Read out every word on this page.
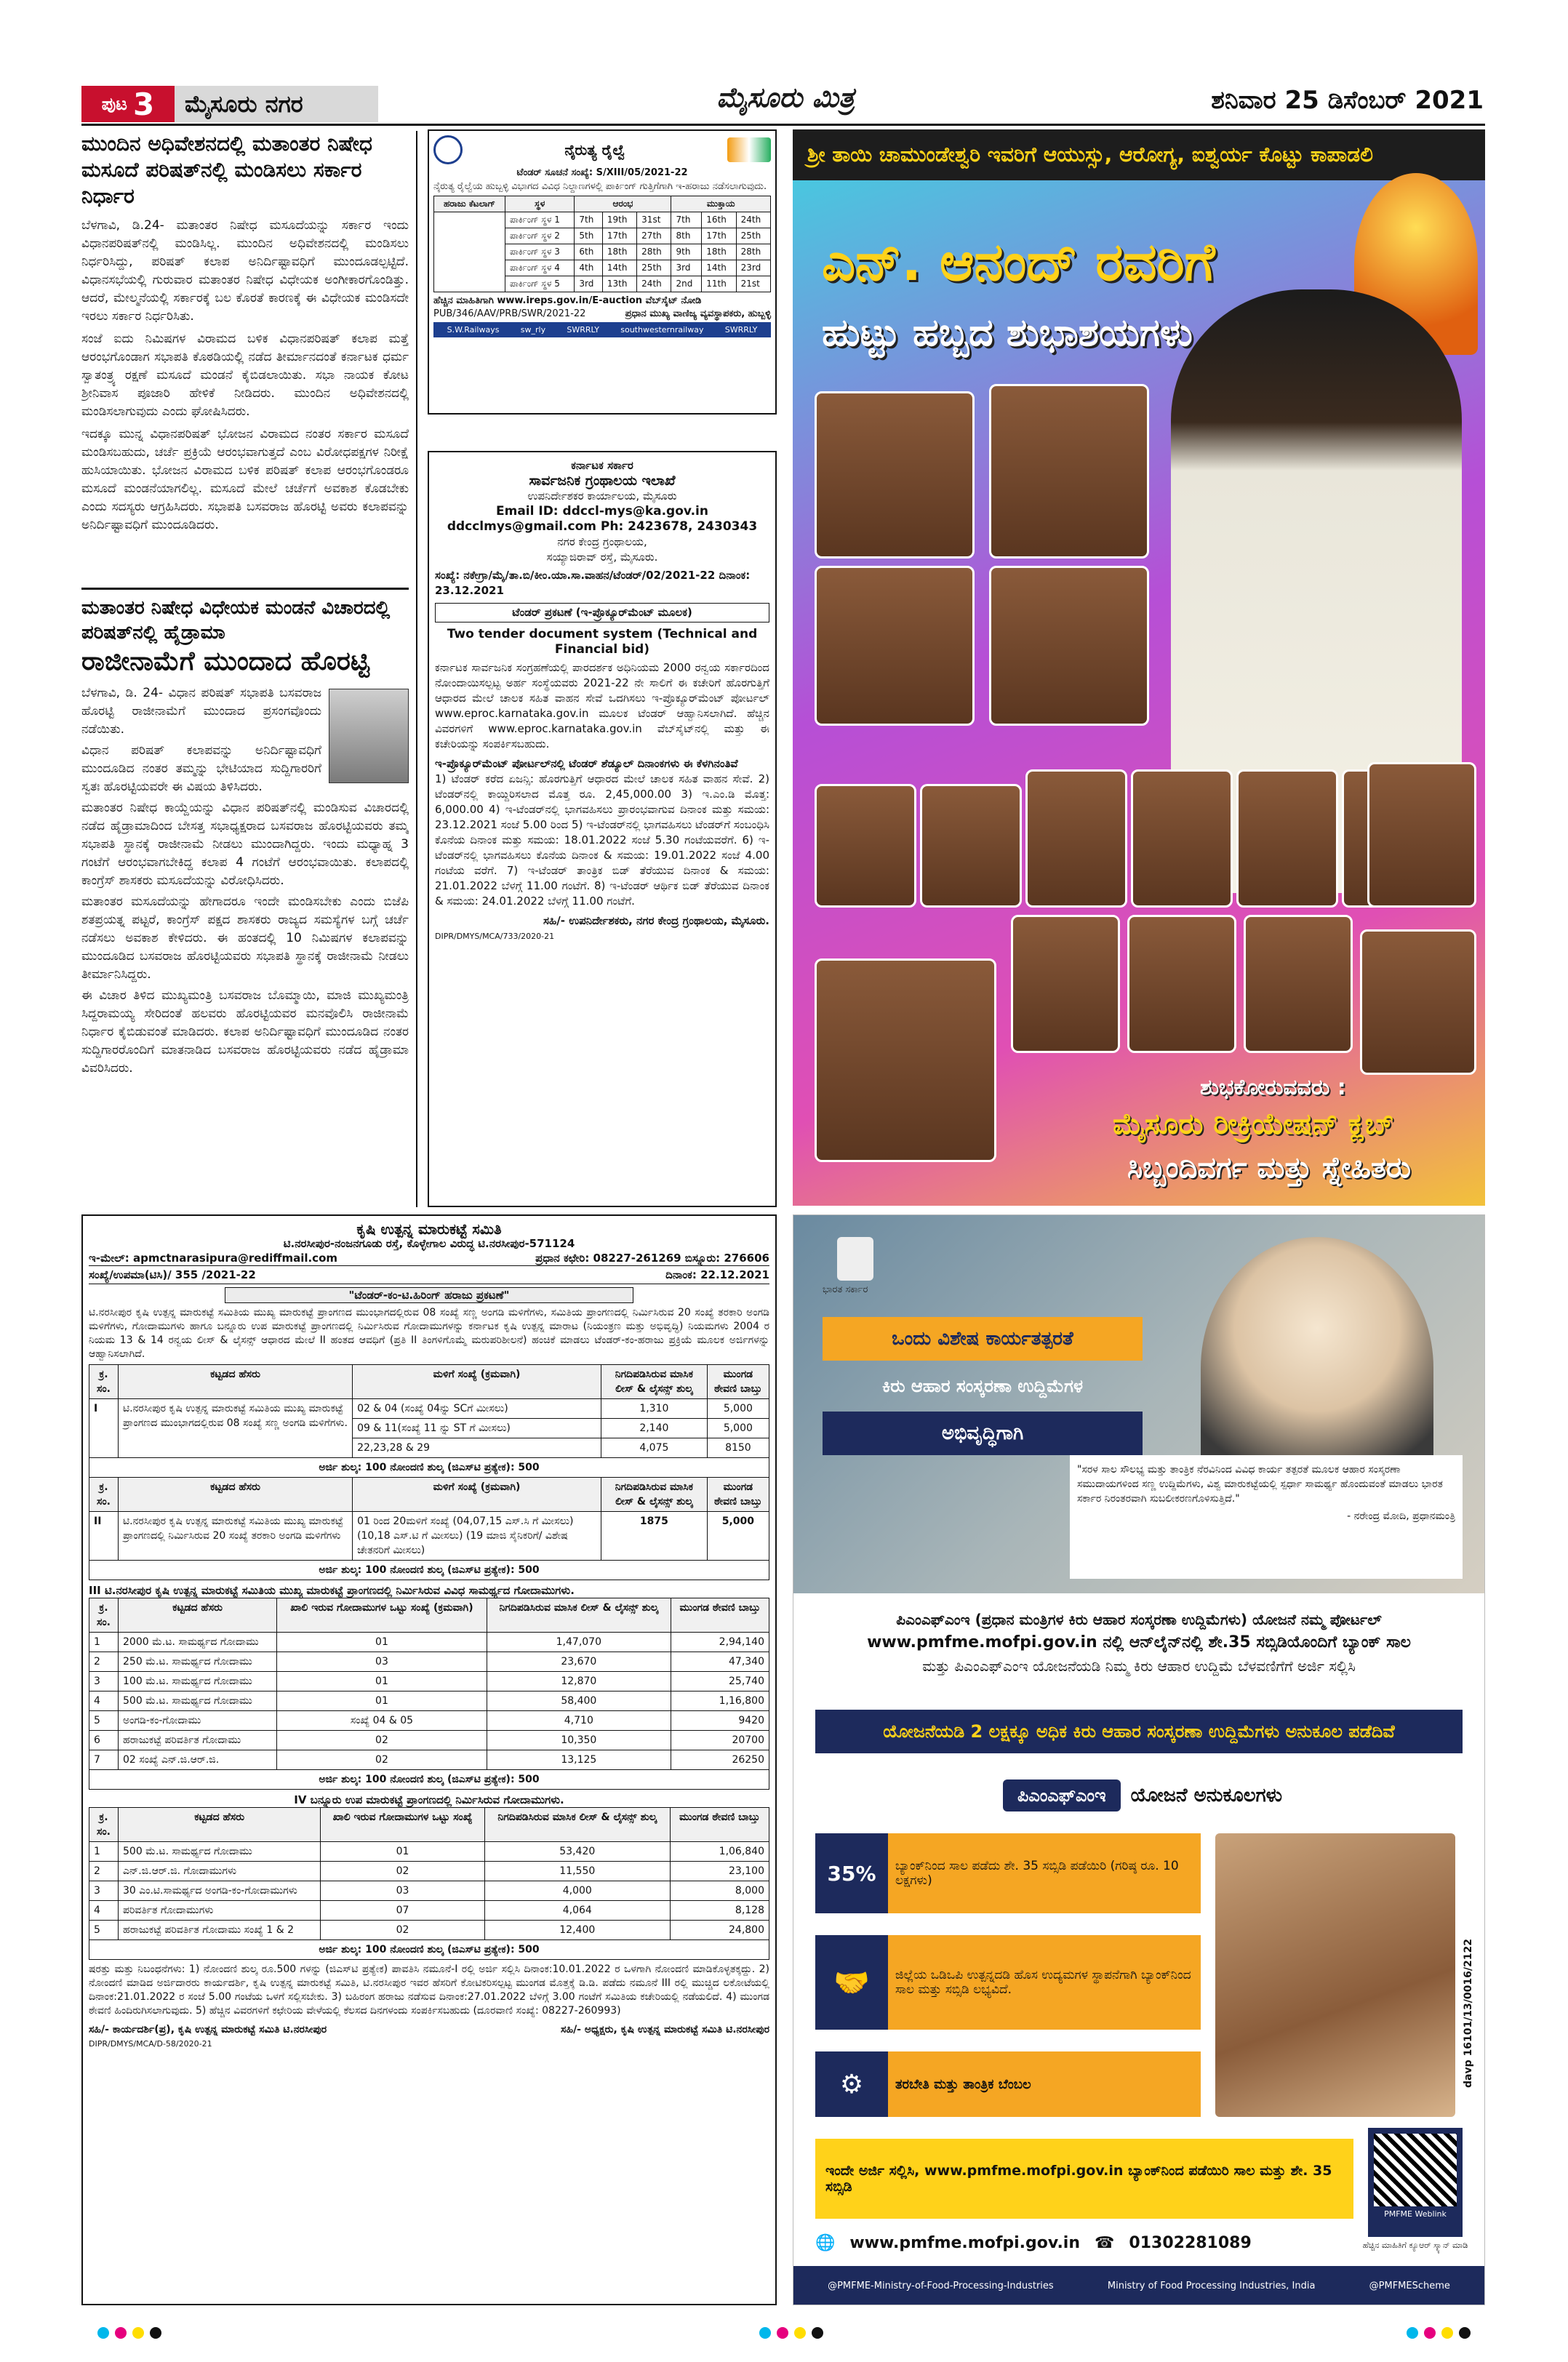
ಪುಟ 3 ಮೈಸೂರು ನಗರ	ಮೈಸೂರು ಮಿತ್ರ	ಶನಿವಾರ 25 ಡಿಸೆಂಬರ್ 2021
ಮುಂದಿನ ಅಧಿವೇಶನದಲ್ಲಿ ಮತಾಂತರ ನಿಷೇಧ ಮಸೂದೆ ಪರಿಷತ್‌ನಲ್ಲಿ ಮಂಡಿಸಲು ಸರ್ಕಾರ ನಿರ್ಧಾರ

ಬೆಳಗಾವಿ, ಡಿ.24- ಮತಾಂತರ ನಿಷೇಧ ಮಸೂದೆಯನ್ನು ಸರ್ಕಾರ ಇಂದು ವಿಧಾನಪರಿಷತ್‌ನಲ್ಲಿ ಮಂಡಿಸಿಲ್ಲ. ಮುಂದಿನ ಅಧಿವೇಶನದಲ್ಲಿ ಮಂಡಿಸಲು ನಿರ್ಧರಿಸಿದ್ದು, ಪರಿಷತ್ ಕಲಾಪ ಅನಿರ್ದಿಷ್ಟಾವಧಿಗೆ ಮುಂದೂಡಲ್ಪಟ್ಟಿದೆ. ವಿಧಾನಸಭೆಯಲ್ಲಿ ಗುರುವಾರ ಮತಾಂತರ ನಿಷೇಧ ವಿಧೇಯಕ ಅಂಗೀಕಾರಗೊಂಡಿತ್ತು. ಆದರೆ, ಮೇಲ್ಮನೆಯಲ್ಲಿ ಸರ್ಕಾರಕ್ಕೆ ಬಲ ಕೊರತೆ ಕಾರಣಕ್ಕೆ ಈ ವಿಧೇಯಕ ಮಂಡಿಸದೇ ಇರಲು ಸರ್ಕಾರ ನಿರ್ಧರಿಸಿತು.

ಸಂಜೆ ಐದು ನಿಮಿಷಗಳ ವಿರಾಮದ ಬಳಿಕ ವಿಧಾನಪರಿಷತ್ ಕಲಾಪ ಮತ್ತೆ ಆರಂಭಗೊಂಡಾಗ ಸಭಾಪತಿ ಕೊಠಡಿಯಲ್ಲಿ ನಡೆದ ತೀರ್ಮಾನದಂತೆ ಕರ್ನಾಟಕ ಧರ್ಮ ಸ್ವಾತಂತ್ರ್ಯ ರಕ್ಷಣೆ ಮಸೂದೆ ಮಂಡನೆ ಕೈಬಿಡಲಾಯಿತು. ಸಭಾ ನಾಯಕ ಕೋಟ ಶ್ರೀನಿವಾಸ ಪೂಜಾರಿ ಹೇಳಿಕೆ ನೀಡಿದರು. ಮುಂದಿನ ಅಧಿವೇಶನದಲ್ಲಿ ಮಂಡಿಸಲಾಗುವುದು ಎಂದು ಘೋಷಿಸಿದರು.

ಇದಕ್ಕೂ ಮುನ್ನ ವಿಧಾನಪರಿಷತ್ ಭೋಜನ ವಿರಾಮದ ನಂತರ ಸರ್ಕಾರ ಮಸೂದೆ ಮಂಡಿಸಬಹುದು, ಚರ್ಚೆ ಪ್ರಕ್ರಿಯೆ ಆರಂಭವಾಗುತ್ತದೆ ಎಂಬ ವಿರೋಧಪಕ್ಷಗಳ ನಿರೀಕ್ಷೆ ಹುಸಿಯಾಯಿತು. ಭೋಜನ ವಿರಾಮದ ಬಳಿಕ ಪರಿಷತ್ ಕಲಾಪ ಆರಂಭಗೊಂಡರೂ ಮಸೂದೆ ಮಂಡನೆಯಾಗಲಿಲ್ಲ. ಮಸೂದೆ ಮೇಲೆ ಚರ್ಚೆಗೆ ಅವಕಾಶ ಕೊಡಬೇಕು ಎಂದು ಸದಸ್ಯರು ಆಗ್ರಹಿಸಿದರು. ಸಭಾಪತಿ ಬಸವರಾಜ ಹೊರಟ್ಟಿ ಅವರು ಕಲಾಪವನ್ನು ಅನಿರ್ದಿಷ್ಟಾವಧಿಗೆ ಮುಂದೂಡಿದರು.

ಮತಾಂತರ ನಿಷೇಧ ವಿಧೇಯಕ ಮಂಡನೆ ವಿಚಾರದಲ್ಲಿ ಪರಿಷತ್‌ನಲ್ಲಿ ಹೈಡ್ರಾಮಾ
ರಾಜೀನಾಮೆಗೆ ಮುಂದಾದ ಹೊರಟ್ಟಿ

ಬೆಳಗಾವಿ, ಡಿ. 24- ವಿಧಾನ ಪರಿಷತ್ ಸಭಾಪತಿ ಬಸವರಾಜ ಹೊರಟ್ಟಿ ರಾಜೀನಾಮೆಗೆ ಮುಂದಾದ ಪ್ರಸಂಗವೊಂದು ನಡೆಯಿತು.

ವಿಧಾನ ಪರಿಷತ್ ಕಲಾಪವನ್ನು ಅನಿರ್ದಿಷ್ಟಾವಧಿಗೆ ಮುಂದೂಡಿದ ನಂತರ ತಮ್ಮನ್ನು ಭೇಟಿಯಾದ ಸುದ್ದಿಗಾರರಿಗೆ ಸ್ವತಃ ಹೊರಟ್ಟಿಯವರೇ ಈ ವಿಷಯ ತಿಳಿಸಿದರು.

ಮತಾಂತರ ನಿಷೇಧ ಕಾಯ್ದೆಯನ್ನು ವಿಧಾನ ಪರಿಷತ್‌ನಲ್ಲಿ ಮಂಡಿಸುವ ವಿಚಾರದಲ್ಲಿ ನಡೆದ ಹೈಡ್ರಾಮಾದಿಂದ ಬೇಸತ್ತ ಸಭಾಧ್ಯಕ್ಷರಾದ ಬಸವರಾಜ ಹೊರಟ್ಟಿಯವರು ತಮ್ಮ ಸಭಾಪತಿ ಸ್ಥಾನಕ್ಕೆ ರಾಜೀನಾಮೆ ನೀಡಲು ಮುಂದಾಗಿದ್ದರು. ಇಂದು ಮಧ್ಯಾಹ್ನ 3 ಗಂಟೆಗೆ ಆರಂಭವಾಗಬೇಕಿದ್ದ ಕಲಾಪ 4 ಗಂಟೆಗೆ ಆರಂಭವಾಯಿತು. ಕಲಾಪದಲ್ಲಿ ಕಾಂಗ್ರೆಸ್ ಶಾಸಕರು ಮಸೂದೆಯನ್ನು ವಿರೋಧಿಸಿದರು.

ಮತಾಂತರ ಮಸೂದೆಯನ್ನು ಹೇಗಾದರೂ ಇಂದೇ ಮಂಡಿಸಬೇಕು ಎಂದು ಬಿಜೆಪಿ ಶತಪ್ರಯತ್ನ ಪಟ್ಟರೆ, ಕಾಂಗ್ರೆಸ್ ಪಕ್ಷದ ಶಾಸಕರು ರಾಜ್ಯದ ಸಮಸ್ಯೆಗಳ ಬಗ್ಗೆ ಚರ್ಚೆ ನಡೆಸಲು ಅವಕಾಶ ಕೇಳಿದರು. ಈ ಹಂತದಲ್ಲಿ 10 ನಿಮಿಷಗಳ ಕಲಾಪವನ್ನು ಮುಂದೂಡಿದ ಬಸವರಾಜ ಹೊರಟ್ಟಿಯವರು ಸಭಾಪತಿ ಸ್ಥಾನಕ್ಕೆ ರಾಜೀನಾಮೆ ನೀಡಲು ತೀರ್ಮಾನಿಸಿದ್ದರು.

ಈ ವಿಚಾರ ತಿಳಿದ ಮುಖ್ಯಮಂತ್ರಿ ಬಸವರಾಜ ಬೊಮ್ಮಾಯಿ, ಮಾಜಿ ಮುಖ್ಯಮಂತ್ರಿ ಸಿದ್ದರಾಮಯ್ಯ ಸೇರಿದಂತೆ ಹಲವರು ಹೊರಟ್ಟಿಯವರ ಮನವೊಲಿಸಿ ರಾಜೀನಾಮೆ ನಿರ್ಧಾರ ಕೈಬಿಡುವಂತೆ ಮಾಡಿದರು. ಕಲಾಪ ಅನಿರ್ದಿಷ್ಟಾವಧಿಗೆ ಮುಂದೂಡಿದ ನಂತರ ಸುದ್ದಿಗಾರರೊಂದಿಗೆ ಮಾತನಾಡಿದ ಬಸವರಾಜ ಹೊರಟ್ಟಿಯವರು ನಡೆದ ಹೈಡ್ರಾಮಾ ವಿವರಿಸಿದರು.

ನೈರುತ್ಯ ರೈಲ್ವೆ
ಟೆಂಡರ್ ಸೂಚನೆ ಸಂಖ್ಯೆ: S/XIII/05/2021-22
ನೈರುತ್ಯ ರೈಲ್ವೆಯ ಹುಬ್ಬಳ್ಳಿ ವಿಭಾಗದ ವಿವಿಧ ನಿಲ್ದಾಣಗಳಲ್ಲಿ ಪಾರ್ಕಿಂಗ್ ಗುತ್ತಿಗೆಗಾಗಿ ಇ-ಹರಾಜು ನಡೆಸಲಾಗುವುದು.
ಹರಾಜು ಕೆಟಲಾಗ್	ಸ್ಥಳ	ಆರಂಭ			ಮುಕ್ತಾಯ		
	ಪಾರ್ಕಿಂಗ್ ಸ್ಥಳ 1	7th	19th	31st	7th	16th	24th
	ಪಾರ್ಕಿಂಗ್ ಸ್ಥಳ 2	5th	17th	27th	8th	17th	25th
	ಪಾರ್ಕಿಂಗ್ ಸ್ಥಳ 3	6th	18th	28th	9th	18th	28th
	ಪಾರ್ಕಿಂಗ್ ಸ್ಥಳ 4	4th	14th	25th	3rd	14th	23rd
	ಪಾರ್ಕಿಂಗ್ ಸ್ಥಳ 5	3rd	13th	24th	2nd	11th	21st
ಹೆಚ್ಚಿನ ಮಾಹಿತಿಗಾಗಿ www.ireps.gov.in/E-auction ವೆಬ್‌ಸೈಟ್ ನೋಡಿ
PUB/346/AAV/PRB/SWR/2021-22	ಪ್ರಧಾನ ಮುಖ್ಯ ವಾಣಿಜ್ಯ ವ್ಯವಸ್ಥಾಪಕರು, ಹುಬ್ಬಳ್ಳಿ
S.W.Railways	sw_rly	SWRRLY	southwesternrailway	SWRRLY
ಕರ್ನಾಟಕ ಸರ್ಕಾರ
ಸಾರ್ವಜನಿಕ ಗ್ರಂಥಾಲಯ ಇಲಾಖೆ
ಉಪನಿರ್ದೇಶಕರ ಕಾರ್ಯಾಲಯ, ಮೈಸೂರು
Email ID: ddccl-mys@ka.gov.in
ddcclmys@gmail.com Ph: 2423678, 2430343
ನಗರ ಕೇಂದ್ರ ಗ್ರಂಥಾಲಯ,
ಸಯ್ಯಾಜಿರಾವ್ ರಸ್ತೆ, ಮೈಸೂರು.
ಸಂಖ್ಯೆ: ನಕೇಗ್ರಾ/ಮೈ/ತಾ.ಬಿ/ಕೀಂ.ಯಾ.ಸಾ.ವಾಹನ/ಟೆಂಡರ್/02/2021-22 ದಿನಾಂಕ: 23.12.2021
ಟೆಂಡರ್ ಪ್ರಕಟಣೆ (ಇ-ಪ್ರೊಕ್ಯೂರ್‌ಮೆಂಟ್ ಮೂಲಕ)
Two tender document system (Technical and Financial bid)

ಕರ್ನಾಟಕ ಸಾರ್ವಜನಿಕ ಸಂಗ್ರಹಣೆಯಲ್ಲಿ ಪಾರದರ್ಶಕ ಅಧಿನಿಯಮ 2000 ರನ್ವಯ ಸರ್ಕಾರದಿಂದ ನೋಂದಾಯಿಸಲ್ಪಟ್ಟ ಅರ್ಹ ಸಂಸ್ಥೆಯವರು 2021-22 ನೇ ಸಾಲಿಗೆ ಈ ಕಚೇರಿಗೆ ಹೊರಗುತ್ತಿಗೆ ಆಧಾರದ ಮೇಲೆ ಚಾಲಕ ಸಹಿತ ವಾಹನ ಸೇವೆ ಒದಗಿಸಲು ಇ-ಪ್ರೊಕ್ಯೂರ್‌ಮೆಂಟ್ ಪೋರ್ಟಲ್ www.eproc.karnataka.gov.in ಮೂಲಕ ಟೆಂಡರ್ ಆಹ್ವಾನಿಸಲಾಗಿದೆ. ಹೆಚ್ಚಿನ ವಿವರಗಳಿಗೆ www.eproc.karnataka.gov.in ವೆಬ್‌ಸೈಟ್‌ನಲ್ಲಿ ಮತ್ತು ಈ ಕಚೇರಿಯನ್ನು ಸಂಪರ್ಕಿಸಬಹುದು.

ಇ-ಪ್ರೊಕ್ಯೂರ್‌ಮೆಂಟ್ ಪೋರ್ಟಲ್‌ನಲ್ಲಿ ಟೆಂಡರ್ ಶೆಡ್ಯೂಲ್ ದಿನಾಂಕಗಳು ಈ ಕೆಳಗಿನಂತಿವೆ

1) ಟೆಂಡರ್ ಕರೆದ ಏಜನ್ಸಿ: ಹೊರಗುತ್ತಿಗೆ ಆಧಾರದ ಮೇಲೆ ಚಾಲಕ ಸಹಿತ ವಾಹನ ಸೇವೆ. 2) ಟೆಂಡರ್‌ನಲ್ಲಿ ಕಾಯ್ದಿರಿಸಲಾದ ಮೊತ್ತ ರೂ. 2,45,000.00 3) ಇ.ಎಂ.ಡಿ ಮೊತ್ತ: 6,000.00 4) ಇ-ಟೆಂಡರ್‌ನಲ್ಲಿ ಭಾಗವಹಿಸಲು ಪ್ರಾರಂಭವಾಗುವ ದಿನಾಂಕ ಮತ್ತು ಸಮಯ: 23.12.2021 ಸಂಜೆ 5.00 ರಿಂದ 5) ಇ-ಟೆಂಡರ್‌ನಲ್ಲಿ ಭಾಗವಹಿಸಲು ಟೆಂಡರ್‌ಗೆ ಸಂಬಂಧಿಸಿ ಕೊನೆಯ ದಿನಾಂಕ ಮತ್ತು ಸಮಯ: 18.01.2022 ಸಂಜೆ 5.30 ಗಂಟೆಯವರೆಗೆ. 6) ಇ-ಟೆಂಡರ್‌ನಲ್ಲಿ ಭಾಗವಹಿಸಲು ಕೊನೆಯ ದಿನಾಂಕ & ಸಮಯ: 19.01.2022 ಸಂಜೆ 4.00 ಗಂಟೆಯ ವರೆಗೆ. 7) ಇ-ಟೆಂಡರ್ ತಾಂತ್ರಿಕ ಬಿಡ್ ತೆರೆಯುವ ದಿನಾಂಕ & ಸಮಯ: 21.01.2022 ಬೆಳಗ್ಗೆ 11.00 ಗಂಟೆಗೆ. 8) ಇ-ಟೆಂಡರ್ ಆರ್ಥಿಕ ಬಿಡ್ ತೆರೆಯುವ ದಿನಾಂಕ & ಸಮಯ: 24.01.2022 ಬೆಳಗ್ಗೆ 11.00 ಗಂಟೆಗೆ.

ಸಹಿ/- ಉಪನಿರ್ದೇಶಕರು, ನಗರ ಕೇಂದ್ರ ಗ್ರಂಥಾಲಯ, ಮೈಸೂರು.
DIPR/DMYS/MCA/733/2020-21
ಶ್ರೀ ತಾಯಿ ಚಾಮುಂಡೇಶ್ವರಿ ಇವರಿಗೆ ಆಯುಸ್ಸು, ಆರೋಗ್ಯ, ಐಶ್ವರ್ಯ ಕೊಟ್ಟು ಕಾಪಾಡಲಿ
ಎನ್. ಆನಂದ್ ರವರಿಗೆ
ಹುಟ್ಟು ಹಬ್ಬದ ಶುಭಾಶಯಗಳು
ಶುಭಕೋರುವವರು :
ಮೈಸೂರು ರೀಕ್ರಿಯೇಷನ್ ಕ್ಲಬ್
ಸಿಬ್ಬಂದಿವರ್ಗ ಮತ್ತು ಸ್ನೇಹಿತರು
ಕೃಷಿ ಉತ್ಪನ್ನ ಮಾರುಕಟ್ಟೆ ಸಮಿತಿ
ಟಿ.ನರಸೀಪುರ-ನಂಜನಗೂಡು ರಸ್ತೆ, ಕೊಳ್ಳೇಗಾಲ ವಿರುದ್ಧ ಟಿ.ನರಸೀಪುರ-571124
ಇ-ಮೇಲ್: apmctnarasipura@rediffmail.com	ಪ್ರಧಾನ ಕಛೇರಿ: 08227-261269 ಬಿಸ್ನೂರು: 276606
ಸಂಖ್ಯೆ/ಉಪಮಾ(ಟಿಸಿ)/ 355 /2021-22	ದಿನಾಂಕ: 22.12.2021
"ಟೆಂಡರ್-ಕಂ-ಟಿ.ಹಿರಿಂಗ್ ಹರಾಜು ಪ್ರಕಟಣೆ"

ಟಿ.ನರಸೀಪುರ ಕೃಷಿ ಉತ್ಪನ್ನ ಮಾರುಕಟ್ಟೆ ಸಮಿತಿಯ ಮುಖ್ಯ ಮಾರುಕಟ್ಟೆ ಪ್ರಾಂಗಣದ ಮುಂಭಾಗದಲ್ಲಿರುವ 08 ಸಂಖ್ಯೆ ಸಣ್ಣ ಅಂಗಡಿ ಮಳಿಗೆಗಳು, ಸಮಿತಿಯ ಪ್ರಾಂಗಣದಲ್ಲಿ ನಿರ್ಮಿಸಿರುವ 20 ಸಂಖ್ಯೆ ತರಕಾರಿ ಅಂಗಡಿ ಮಳಿಗೆಗಳು, ಗೋದಾಮುಗಳು ಹಾಗೂ ಬನ್ನೂರು ಉಪ ಮಾರುಕಟ್ಟೆ ಪ್ರಾಂಗಣದಲ್ಲಿ ನಿರ್ಮಿಸಿರುವ ಗೋದಾಮುಗಳನ್ನು ಕರ್ನಾಟಕ ಕೃಷಿ ಉತ್ಪನ್ನ ಮಾರಾಟ (ನಿಯಂತ್ರಣ ಮತ್ತು ಅಭಿವೃದ್ಧಿ) ನಿಯಮಗಳು 2004 ರ ನಿಯಮ 13 & 14 ರನ್ವಯ ಲೀಸ್ & ಲೈಸನ್ಸ್ ಆಧಾರದ ಮೇಲೆ II ಹಂತದ ಆವಧಿಗೆ (ಪ್ರತಿ II ತಿಂಗಳಿಗೊಮ್ಮೆ ಮರುಪರಿಶೀಲನೆ) ಹಂಚಿಕೆ ಮಾಡಲು ಟೆಂಡರ್-ಕಂ-ಹರಾಜು ಪ್ರಕ್ರಿಯೆ ಮೂಲಕ ಅರ್ಜಿಗಳನ್ನು ಆಹ್ವಾನಿಸಲಾಗಿದೆ.

ಕ್ರ. ಸಂ.	ಕಟ್ಟಡದ ಹೆಸರು	ಮಳಿಗೆ ಸಂಖ್ಯೆ (ಕ್ರಮವಾಗಿ)	ನಿಗದಿಪಡಿಸಿರುವ ಮಾಸಿಕ ಲೀಸ್ & ಲೈಸನ್ಸ್ ಶುಲ್ಕ	ಮುಂಗಡ ಠೇವಣಿ ಬಾಬ್ತು
I	ಟಿ.ನರಸೀಪುರ ಕೃಷಿ ಉತ್ಪನ್ನ ಮಾರುಕಟ್ಟೆ ಸಮಿತಿಯ ಮುಖ್ಯ ಮಾರುಕಟ್ಟೆ ಪ್ರಾಂಗಣದ ಮುಂಭಾಗದಲ್ಲಿರುವ 08 ಸಂಖ್ಯೆ ಸಣ್ಣ ಅಂಗಡಿ ಮಳಿಗೆಗಳು.	02 & 04 (ಸಂಖ್ಯೆ 04ನ್ನು SCಗೆ ಮೀಸಲು)	1,310	5,000
		09 & 11(ಸಂಖ್ಯೆ 11 ನ್ನು ST ಗೆ ಮೀಸಲು)	2,140	5,000
		22,23,28 & 29	4,075	8150
ಅರ್ಜಿ ಶುಲ್ಕ: 100 ನೋಂದಣಿ ಶುಲ್ಕ (ಜಿಎಸ್‌ಟಿ ಪ್ರತ್ಯೇಕ): 500				
ಕ್ರ. ಸಂ.	ಕಟ್ಟಡದ ಹೆಸರು	ಮಳಿಗೆ ಸಂಖ್ಯೆ (ಕ್ರಮವಾಗಿ)	ನಿಗದಿಪಡಿಸಿರುವ ಮಾಸಿಕ ಲೀಸ್ & ಲೈಸನ್ಸ್ ಶುಲ್ಕ	ಮುಂಗಡ ಠೇವಣಿ ಬಾಬ್ತು
II	ಟಿ.ನರಸೀಪುರ ಕೃಷಿ ಉತ್ಪನ್ನ ಮಾರುಕಟ್ಟೆ ಸಮಿತಿಯ ಮುಖ್ಯ ಮಾರುಕಟ್ಟೆ ಪ್ರಾಂಗಣದಲ್ಲಿ ನಿರ್ಮಿಸಿರುವ 20 ಸಂಖ್ಯೆ ತರಕಾರಿ ಅಂಗಡಿ ಮಳಿಗೆಗಳು	01 ರಿಂದ 20ಮಳಿಗೆ ಸಂಖ್ಯೆ (04,07,15 ಎಸ್.ಸಿ ಗೆ ಮೀಸಲು) (10,18 ಎಸ್.ಟಿ ಗೆ ಮೀಸಲು) (19 ಮಾಜಿ ಸೈನಿಕರಿಗೆ/ ವಿಶೇಷ ಚೇತನರಿಗೆ ಮೀಸಲು)	1875	5,000
ಅರ್ಜಿ ಶುಲ್ಕ: 100 ನೋಂದಣಿ ಶುಲ್ಕ (ಜಿಎಸ್‌ಟಿ ಪ್ರತ್ಯೇಕ): 500				
III ಟಿ.ನರಸೀಪುರ ಕೃಷಿ ಉತ್ಪನ್ನ ಮಾರುಕಟ್ಟೆ ಸಮಿತಿಯ ಮುಖ್ಯ ಮಾರುಕಟ್ಟೆ ಪ್ರಾಂಗಣದಲ್ಲಿ ನಿರ್ಮಿಸಿರುವ ವಿವಿಧ ಸಾಮರ್ಥ್ಯದ ಗೋದಾಮುಗಳು.
ಕ್ರ. ಸಂ.	ಕಟ್ಟಡದ ಹೆಸರು	ಖಾಲಿ ಇರುವ ಗೋದಾಮುಗಳ ಒಟ್ಟು ಸಂಖ್ಯೆ (ಕ್ರಮವಾಗಿ)	ನಿಗದಿಪಡಿಸಿರುವ ಮಾಸಿಕ ಲೀಸ್ & ಲೈಸನ್ಸ್ ಶುಲ್ಕ	ಮುಂಗಡ ಠೇವಣಿ ಬಾಬ್ತು
1	2000 ಮೆ.ಟ. ಸಾಮರ್ಥ್ಯದ ಗೋದಾಮು	01	1,47,070	2,94,140
2	250 ಮೆ.ಟ. ಸಾಮರ್ಥ್ಯದ ಗೋದಾಮು	03	23,670	47,340
3	100 ಮೆ.ಟ. ಸಾಮರ್ಥ್ಯದ ಗೋದಾಮು	01	12,870	25,740
4	500 ಮೆ.ಟ. ಸಾಮರ್ಥ್ಯದ ಗೋದಾಮು	01	58,400	1,16,800
5	ಅಂಗಡಿ-ಕಂ-ಗೋದಾಮು	ಸಂಖ್ಯೆ 04 & 05	4,710	9420
6	ಹರಾಜುಕಟ್ಟೆ ಪರಿವರ್ತಿತ ಗೋದಾಮು	02	10,350	20700
7	02 ಸಂಖ್ಯೆ ಎನ್.ಜಿ.ಆರ್.ಜಿ.	02	13,125	26250
ಅರ್ಜಿ ಶುಲ್ಕ: 100 ನೋಂದಣಿ ಶುಲ್ಕ (ಜಿಎಸ್‌ಟಿ ಪ್ರತ್ಯೇಕ): 500				
IV ಬನ್ನೂರು ಉಪ ಮಾರುಕಟ್ಟೆ ಪ್ರಾಂಗಣದಲ್ಲಿ ನಿರ್ಮಿಸಿರುವ ಗೋದಾಮುಗಳು.
ಕ್ರ. ಸಂ.	ಕಟ್ಟಡದ ಹೆಸರು	ಖಾಲಿ ಇರುವ ಗೋದಾಮುಗಳ ಒಟ್ಟು ಸಂಖ್ಯೆ	ನಿಗದಿಪಡಿಸಿರುವ ಮಾಸಿಕ ಲೀಸ್ & ಲೈಸನ್ಸ್ ಶುಲ್ಕ	ಮುಂಗಡ ಠೇವಣಿ ಬಾಬ್ತು
1	500 ಮೆ.ಟ. ಸಾಮರ್ಥ್ಯದ ಗೋದಾಮು	01	53,420	1,06,840
2	ಎನ್.ಜಿ.ಆರ್.ಜಿ. ಗೋದಾಮುಗಳು	02	11,550	23,100
3	30 ಎಂ.ಟಿ.ಸಾಮರ್ಥ್ಯದ ಅಂಗಡಿ-ಕಂ-ಗೋದಾಮುಗಳು	03	4,000	8,000
4	ಪರಿವರ್ತಿತ ಗೋದಾಮುಗಳು	07	4,064	8,128
5	ಹರಾಜುಕಟ್ಟೆ ಪರಿವರ್ತಿತ ಗೋದಾಮು ಸಂಖ್ಯೆ 1 & 2	02	12,400	24,800
ಅರ್ಜಿ ಶುಲ್ಕ: 100 ನೋಂದಣಿ ಶುಲ್ಕ (ಜಿಎಸ್‌ಟಿ ಪ್ರತ್ಯೇಕ): 500				

ಷರತ್ತು ಮತ್ತು ನಿಬಂಧನೆಗಳು: 1) ನೋಂದಣಿ ಶುಲ್ಕ ರೂ.500 ಗಳನ್ನು (ಜಿಎಸ್‌ಟಿ ಪ್ರತ್ಯೇಕ) ಪಾವತಿಸಿ ನಮೂನೆ-I ರಲ್ಲಿ ಅರ್ಜಿ ಸಲ್ಲಿಸಿ ದಿನಾಂಕ:10.01.2022 ರ ಒಳಗಾಗಿ ನೋಂದಣಿ ಮಾಡಿಕೊಳ್ಳತಕ್ಕದ್ದು. 2) ನೋಂದಣಿ ಮಾಡಿದ ಅರ್ಜಿದಾರರು ಕಾರ್ಯದರ್ಶಿ, ಕೃಷಿ ಉತ್ಪನ್ನ ಮಾರುಕಟ್ಟೆ ಸಮಿತಿ, ಟಿ.ನರಸೀಪುರ ಇವರ ಹೆಸರಿಗೆ ಕೋಟಿಕರಿಸಲ್ಪಟ್ಟ ಮುಂಗಡ ಮೊತ್ತಕ್ಕೆ ಡಿ.ಡಿ. ಪಡೆದು ನಮೂನೆ III ರಲ್ಲಿ ಮುಚ್ಚಿದ ಲಕೋಟೆಯಲ್ಲಿ ದಿನಾಂಕ:21.01.2022 ರ ಸಂಜೆ 5.00 ಗಂಟೆಯ ಒಳಗೆ ಸಲ್ಲಿಸಬೇಕು. 3) ಬಹಿರಂಗ ಹರಾಜು ನಡೆಸುವ ದಿನಾಂಕ:27.01.2022 ಬೆಳಿಗ್ಗೆ 3.00 ಗಂಟೆಗೆ ಸಮಿತಿಯ ಕಚೇರಿಯಲ್ಲಿ ನಡೆಯಲಿದೆ. 4) ಮುಂಗಡ ಠೇವಣಿ ಹಿಂದಿರುಗಿಸಲಾಗುವುದು. 5) ಹೆಚ್ಚಿನ ವಿವರಗಳಿಗೆ ಕಛೇರಿಯ ವೇಳೆಯಲ್ಲಿ ಕೆಲಸದ ದಿನಗಳಂದು ಸಂಪರ್ಕಿಸಬಹುದು (ದೂರವಾಣಿ ಸಂಖ್ಯೆ: 08227-260993)

ಸಹಿ/- ಕಾರ್ಯದರ್ಶಿ(ಪ್ರ), ಕೃಷಿ ಉತ್ಪನ್ನ ಮಾರುಕಟ್ಟೆ ಸಮಿತಿ ಟಿ.ನರಸೀಪುರ	ಸಹಿ/- ಅಧ್ಯಕ್ಷರು, ಕೃಷಿ ಉತ್ಪನ್ನ ಮಾರುಕಟ್ಟೆ ಸಮಿತಿ ಟಿ.ನರಸೀಪುರ
DIPR/DMYS/MCA/D-58/2020-21
ಭಾರತ ಸರ್ಕಾರ
ಒಂದು ವಿಶೇಷ ಕಾರ್ಯತತ್ಪರತೆ
ಕಿರು ಆಹಾರ ಸಂಸ್ಕರಣಾ ಉದ್ದಿಮೆಗಳ
ಅಭಿವೃದ್ಧಿಗಾಗಿ
"ಸರಳ ಸಾಲ ಸೌಲಭ್ಯ ಮತ್ತು ತಾಂತ್ರಿಕ ನೆರವಿನಿಂದ ವಿವಿಧ ಕಾರ್ಯ ತತ್ಪರತೆ ಮೂಲಕ ಆಹಾರ ಸಂಸ್ಕರಣಾ ಸಮುದಾಯಗಳಿಂದ ಸಣ್ಣ ಉದ್ದಿಮೆಗಳು, ವಿಶ್ವ ಮಾರುಕಟ್ಟೆಯಲ್ಲಿ ಸ್ಪರ್ಧಾ ಸಾಮರ್ಥ್ಯ ಹೊಂದುವಂತೆ ಮಾಡಲು ಭಾರತ ಸರ್ಕಾರ ನಿರಂತರವಾಗಿ ಸುಬಲೀಕರಣಗೊಳಿಸುತ್ತಿದೆ."
- ನರೇಂದ್ರ ಮೋದಿ, ಪ್ರಧಾನಮಂತ್ರಿ
ಪಿಎಂಎಫ್‌ಎಂಇ (ಪ್ರಧಾನ ಮಂತ್ರಿಗಳ ಕಿರು ಆಹಾರ ಸಂಸ್ಕರಣಾ ಉದ್ದಿಮೆಗಳು) ಯೋಜನೆ ನಮ್ಮ ಪೋರ್ಟಲ್
www.pmfme.mofpi.gov.in ನಲ್ಲಿ ಆನ್‌ಲೈನ್‌ನಲ್ಲಿ ಶೇ.35 ಸಬ್ಸಿಡಿಯೊಂದಿಗೆ ಬ್ಯಾಂಕ್ ಸಾಲ
ಮತ್ತು ಪಿಎಂಎಫ್‌ಎಂಇ ಯೋಜನೆಯಡಿ ನಿಮ್ಮ ಕಿರು ಆಹಾರ ಉದ್ದಿಮೆ ಬೆಳವಣಿಗೆಗೆ ಅರ್ಜಿ ಸಲ್ಲಿಸಿ
ಯೋಜನೆಯಡಿ 2 ಲಕ್ಷಕ್ಕೂ ಅಧಿಕ ಕಿರು ಆಹಾರ ಸಂಸ್ಕರಣಾ ಉದ್ದಿಮೆಗಳು ಅನುಕೂಲ ಪಡೆದಿವೆ
ಪಿಎಂಎಫ್‌ಎಂಇ	ಯೋಜನೆ ಅನುಕೂಲಗಳು
35%	ಬ್ಯಾಂಕ್‌ನಿಂದ ಸಾಲ ಪಡೆದು ಶೇ. 35 ಸಬ್ಸಿಡಿ ಪಡೆಯಿರಿ (ಗರಿಷ್ಠ ರೂ. 10 ಲಕ್ಷಗಳು)
🤝	ಜಿಲ್ಲೆಯ ಒಡಿಒಪಿ ಉತ್ಪನ್ನದಡಿ ಹೊಸ ಉದ್ಯಮಗಳ ಸ್ಥಾಪನೆಗಾಗಿ ಬ್ಯಾಂಕ್‌ನಿಂದ ಸಾಲ ಮತ್ತು ಸಬ್ಸಿಡಿ ಲಭ್ಯವಿದೆ.
⚙	ತರಬೇತಿ ಮತ್ತು ತಾಂತ್ರಿಕ ಬೆಂಬಲ	davp 16101/13/0016/2122
ಇಂದೇ ಅರ್ಜಿ ಸಲ್ಲಿಸಿ, www.pmfme.mofpi.gov.in ಬ್ಯಾಂಕ್‌ನಿಂದ ಪಡೆಯಿರಿ ಸಾಲ ಮತ್ತು ಶೇ. 35 ಸಬ್ಸಿಡಿ
PMFME Weblink
ಹೆಚ್ಚಿನ ಮಾಹಿತಿಗೆ ಕ್ಯೂಆರ್ ಸ್ಕ್ಯಾನ್ ಮಾಡಿ
🌐 www.pmfme.mofpi.gov.in ☎ 01302281089
@PMFME-Ministry-of-Food-Processing-Industries	Ministry of Food Processing Industries, India	@PMFMEScheme
